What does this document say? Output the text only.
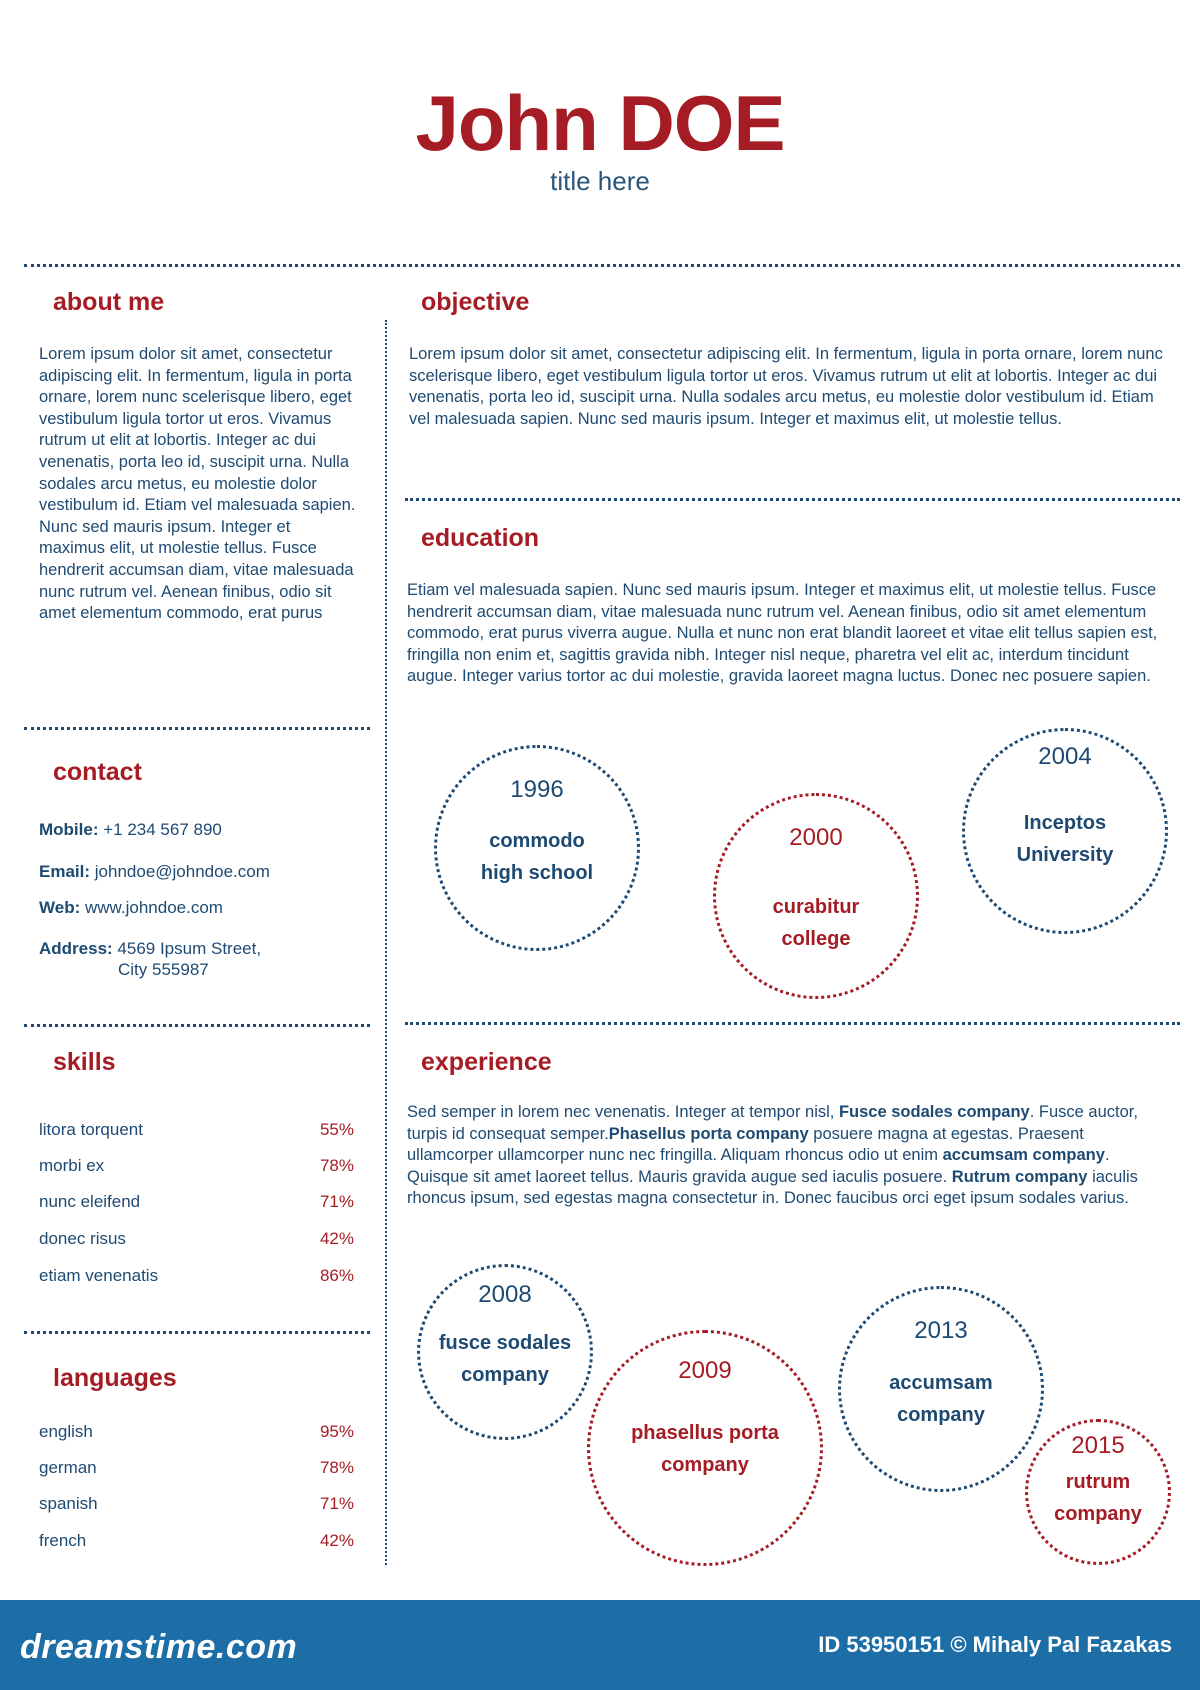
John DOE
title here
about me
Lorem ipsum dolor sit amet, consectetur adipiscing elit. In fermentum, ligula in porta ornare, lorem nunc scelerisque libero, eget vestibulum ligula tortor ut eros. Vivamus rutrum ut elit at lobortis. Integer ac dui venenatis, porta leo id, suscipit urna. Nulla sodales arcu metus, eu molestie dolor vestibulum id. Etiam vel malesuada sapien. Nunc sed mauris ipsum. Integer et maximus elit, ut molestie tellus. Fusce hendrerit accumsan diam, vitae malesuada nunc rutrum vel. Aenean finibus, odio sit amet elementum commodo, erat purus
contact
Mobile: +1 234 567 890
Email: johndoe@johndoe.com
Web: www.johndoe.com
Address: 4569 Ipsum Street,
City 555987
skills
litora torquent	55%
morbi ex	78%
nunc eleifend	71%
donec risus	42%
etiam venenatis	86%
languages
english	95%
german	78%
spanish	71%
french	42%
objective
Lorem ipsum dolor sit amet, consectetur adipiscing elit. In fermentum, ligula in porta ornare, lorem nunc scelerisque libero, eget vestibulum ligula tortor ut eros. Vivamus rutrum ut elit at lobortis. Integer ac dui venenatis, porta leo id, suscipit urna. Nulla sodales arcu metus, eu molestie dolor vestibulum id. Etiam vel malesuada sapien. Nunc sed mauris ipsum. Integer et maximus elit, ut molestie tellus.
education
Etiam vel malesuada sapien. Nunc sed mauris ipsum. Integer et maximus elit, ut molestie tellus. Fusce hendrerit accumsan diam, vitae malesuada nunc rutrum vel. Aenean finibus, odio sit amet elementum commodo, erat purus viverra augue. Nulla et nunc non erat blandit laoreet et vitae elit tellus sapien est, fringilla non enim et, sagittis gravida nibh. Integer nisl neque, pharetra vel elit ac, interdum tincidunt augue. Integer varius tortor ac dui molestie, gravida laoreet magna luctus. Donec nec posuere sapien.
1996
commodo
high school
2000
curabitur
college
2004
Inceptos
University
experience
Sed semper in lorem nec venenatis. Integer at tempor nisl, Fusce sodales company. Fusce auctor, turpis id consequat semper.Phasellus porta company posuere magna at egestas. Praesent ullamcorper ullamcorper nunc nec fringilla. Aliquam rhoncus odio ut enim accumsam company. Quisque sit amet laoreet tellus. Mauris gravida augue sed iaculis posuere. Rutrum company iaculis rhoncus ipsum, sed egestas magna consectetur in. Donec faucibus orci eget ipsum sodales varius.
2008
fusce sodales
company	2009
phasellus porta
company
2013
accumsam
company
2015
rutrum
company
dreamstime.com	ID 53950151 © Mihaly Pal Fazakas
